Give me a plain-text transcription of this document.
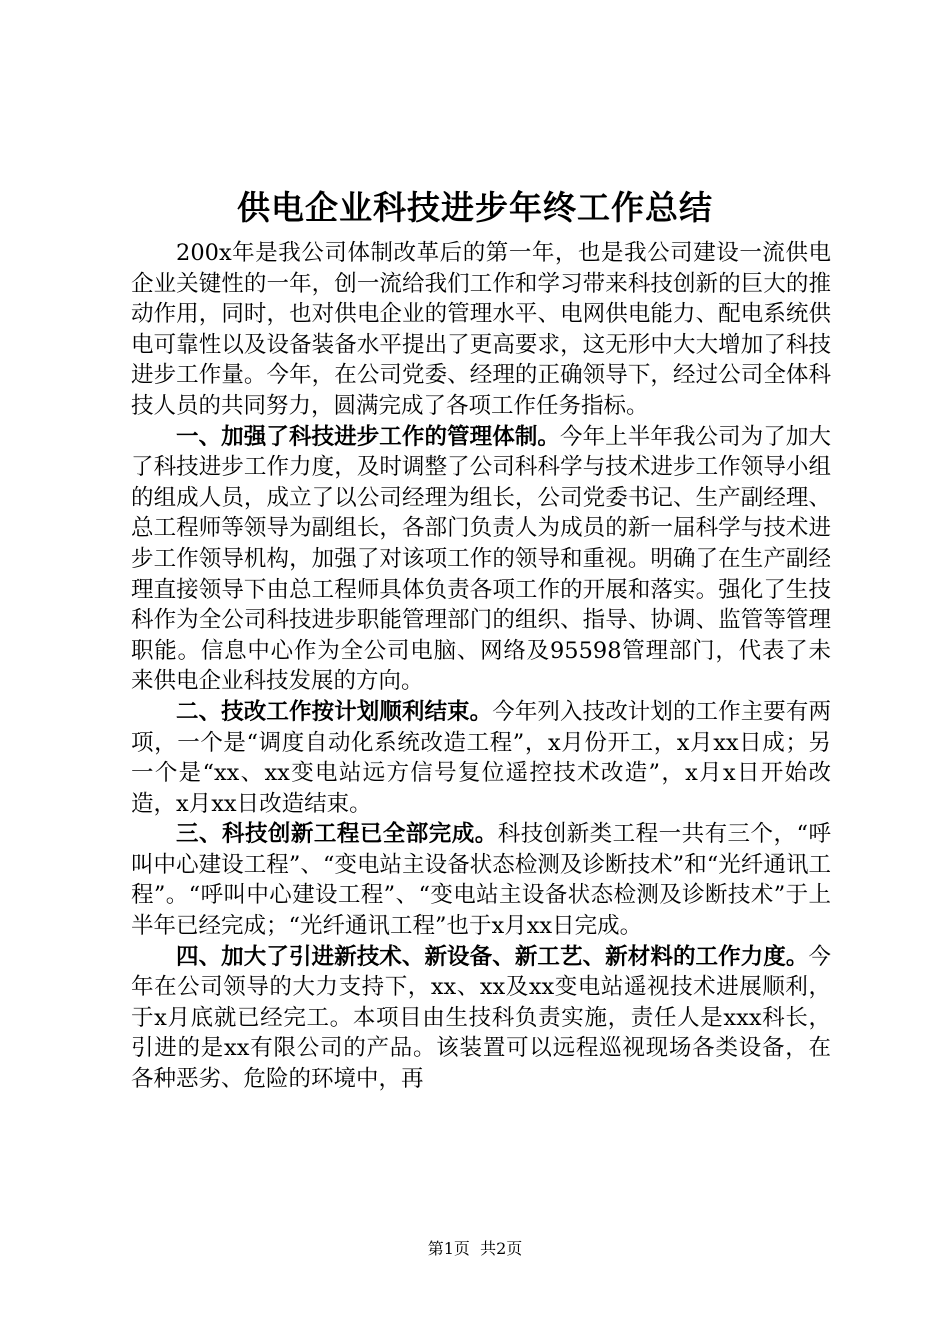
供电企业科技进步年终工作总结

200x年是我公司体制改革后的第一年，也是我公司建设一流供电企业关键性的一年，创一流给我们工作和学习带来科技创新的巨大的推动作用，同时，也对供电企业的管理水平、电网供电能力、配电系统供电可靠性以及设备装备水平提出了更高要求，这无形中大大增加了科技进步工作量。今年，在公司党委、经理的正确领导下，经过公司全体科技人员的共同努力，圆满完成了各项工作任务指标。

一、加强了科技进步工作的管理体制。今年上半年我公司为了加大了科技进步工作力度，及时调整了公司科科学与技术进步工作领导小组的组成人员，成立了以公司经理为组长，公司党委书记、生产副经理、总工程师等领导为副组长，各部门负责人为成员的新一届科学与技术进步工作领导机构，加强了对该项工作的领导和重视。明确了在生产副经理直接领导下由总工程师具体负责各项工作的开展和落实。强化了生技科作为全公司科技进步职能管理部门的组织、指导、协调、监管等管理职能。信息中心作为全公司电脑、网络及95598管理部门，代表了未来供电企业科技发展的方向。

二、技改工作按计划顺利结束。今年列入技改计划的工作主要有两项，一个是“调度自动化系统改造工程”，x月份开工，x月xx日成；另一个是“xx、xx变电站远方信号复位遥控技术改造”，x月x日开始改造，x月xx日改造结束。

三、科技创新工程已全部完成。科技创新类工程一共有三个，“呼叫中心建设工程”、“变电站主设备状态检测及诊断技术”和“光纤通讯工程”。“呼叫中心建设工程”、“变电站主设备状态检测及诊断技术”于上半年已经完成；“光纤通讯工程”也于x月xx日完成。

四、加大了引进新技术、新设备、新工艺、新材料的工作力度。今年在公司领导的大力支持下，xx、xx及xx变电站遥视技术进展顺利，于x月底就已经完工。本项目由生技科负责实施，责任人是xxx科长，引进的是xx有限公司的产品。该装置可以远程巡视现场各类设备，在各种恶劣、危险的环境中，再

第1页  共2页
